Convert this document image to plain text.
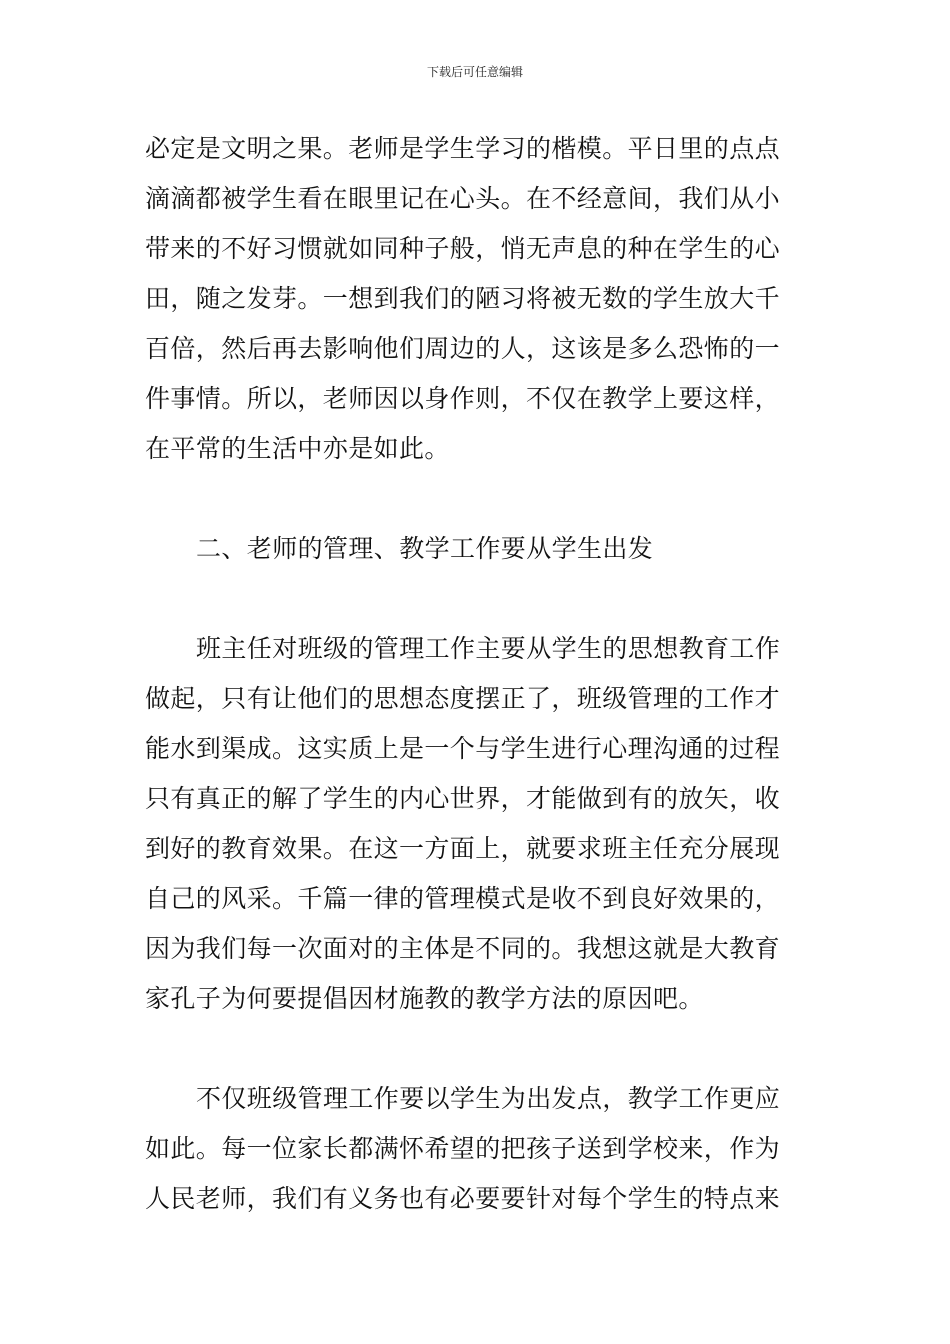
下载后可任意编辑
必定是文明之果。老师是学生学习的楷模。平日里的点点
滴滴都被学生看在眼里记在心头。在不经意间，我们从小
带来的不好习惯就如同种子般，悄无声息的种在学生的心
田，随之发芽。一想到我们的陋习将被无数的学生放大千
百倍，然后再去影响他们周边的人，这该是多么恐怖的一
件事情。所以，老师因以身作则，不仅在教学上要这样，
在平常的生活中亦是如此。
二、老师的管理、教学工作要从学生出发
班主任对班级的管理工作主要从学生的思想教育工作
做起，只有让他们的思想态度摆正了，班级管理的工作才
能水到渠成。这实质上是一个与学生进行心理沟通的过程
只有真正的解了学生的内心世界，才能做到有的放矢，收
到好的教育效果。在这一方面上，就要求班主任充分展现
自己的风采。千篇一律的管理模式是收不到良好效果的，
因为我们每一次面对的主体是不同的。我想这就是大教育
家孔子为何要提倡因材施教的教学方法的原因吧。
不仅班级管理工作要以学生为出发点，教学工作更应
如此。每一位家长都满怀希望的把孩子送到学校来，作为
人民老师，我们有义务也有必要要针对每个学生的特点来
